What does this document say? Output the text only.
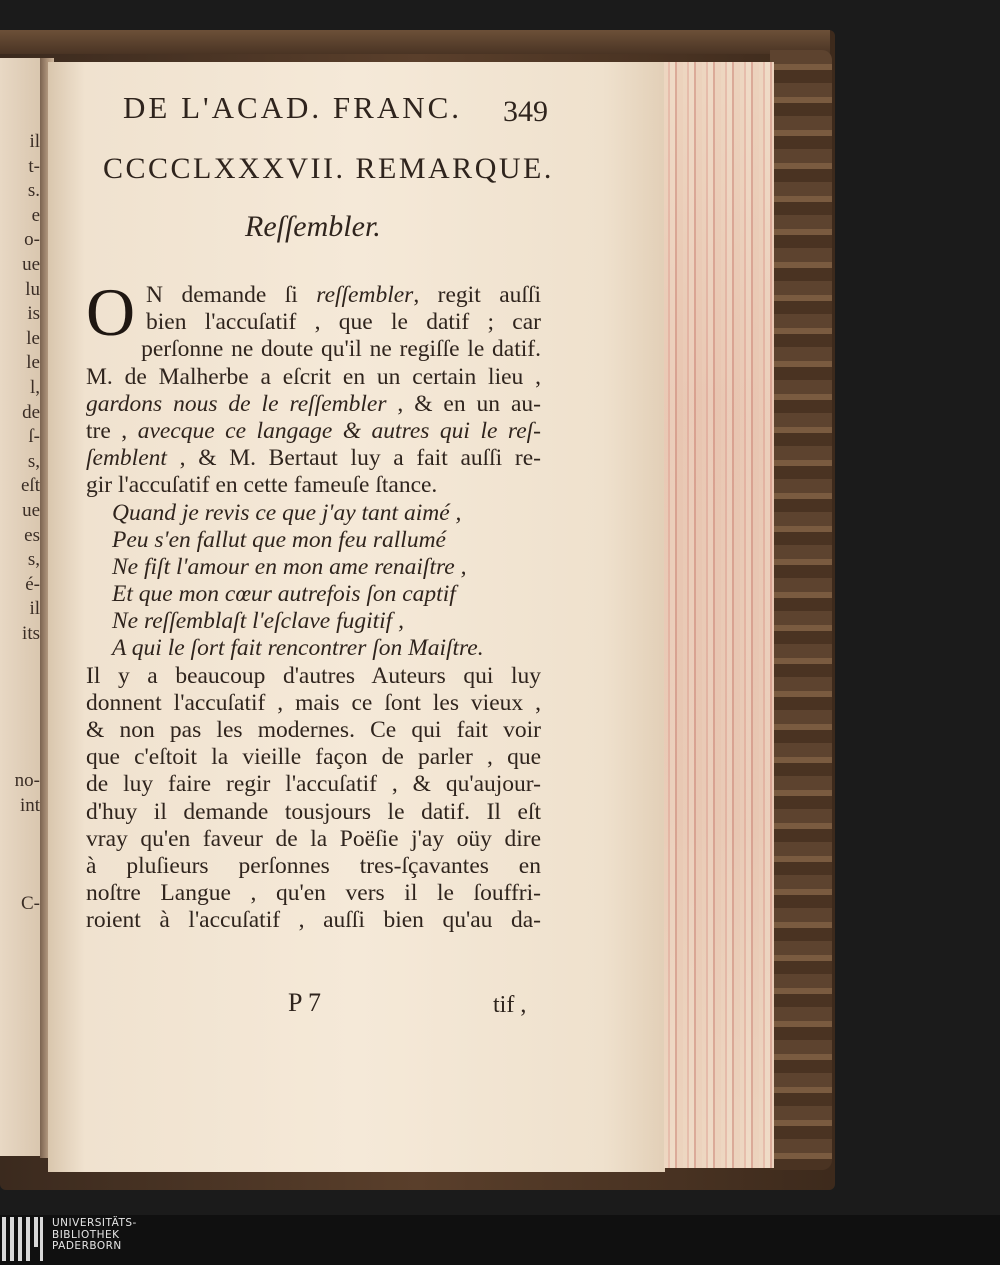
il
t-
s.
e
o-
ue
lu
is
le
le
l,
de
ſ-
s,
eſt
ue
es
s,
é-
il
its
no-
int
C-
DE L'ACAD. FRANC. 349
CCCCLXXXVII. REMARQUE.
Reſſembler.
O N demande ſi reſſembler, regit auſſi
bien l'accuſatif , que le datif ; car
perſonne ne doute qu'il ne regiſſe le datif.
M. de Malherbe a eſcrit en un certain lieu ,
gardons nous de le reſſembler , & en un au-
tre , avecque ce langage & autres qui le reſ-
ſemblent , & M. Bertaut luy a fait auſſi re-
gir l'accuſatif en cette fameuſe ſtance.
Quand je revis ce que j'ay tant aimé ,
Peu s'en fallut que mon feu rallumé
Ne fiſt l'amour en mon ame renaiſtre ,
Et que mon cœur autrefois ſon captif
Ne reſſemblaſt l'eſclave fugitif ,
A qui le ſort fait rencontrer ſon Maiſtre.
Il y a beaucoup d'autres Auteurs qui luy
donnent l'accuſatif , mais ce ſont les vieux ,
& non pas les modernes. Ce qui fait voir
que c'eſtoit la vieille façon de parler , que
de luy faire regir l'accuſatif , & qu'aujour-
d'huy il demande tousjours le datif. Il eſt
vray qu'en faveur de la Poëſie j'ay oüy dire
à pluſieurs perſonnes tres-ſçavantes en
noſtre Langue , qu'en vers il le ſouffri-
roient à l'accuſatif , auſſi bien qu'au da-
P 7	tif ,
UNIVERSITÄTS-
BIBLIOTHEK
PADERBORN
